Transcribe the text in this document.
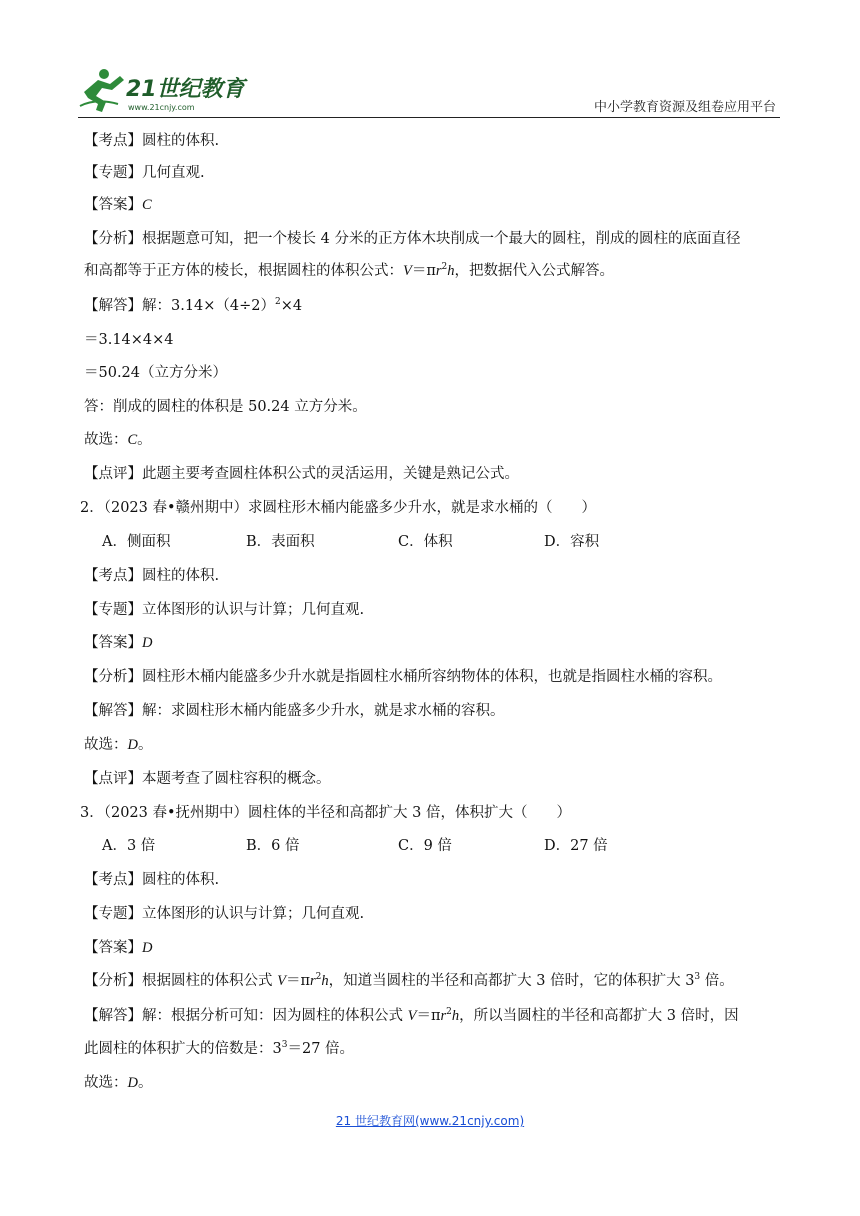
21世纪教育
www.21cnjy.com	中小学教育资源及组卷应用平台
【考点】圆柱的体积.
【专题】几何直观.
【答案】C
【分析】根据题意可知，把一个棱长 4 分米的正方体木块削成一个最大的圆柱，削成的圆柱的底面直径
和高都等于正方体的棱长，根据圆柱的体积公式：$V=\pi r^2h$，把数据代入公式解答。
【解答】解：$3.14\times(4\div 2)^2\times 4$
＝3.14×4×4
＝50.24（立方分米）
答：削成的圆柱的体积是 50.24 立方分米。
故选：C。
【点评】此题主要考查圆柱体积公式的灵活运用，关键是熟记公式。
2．（2023 春•赣州期中）求圆柱形木桶内能盛多少升水，就是求水桶的（　　）
A．侧面积	B．表面积	C．体积	D．容积
【考点】圆柱的体积.
【专题】立体图形的认识与计算；几何直观.
【答案】D
【分析】圆柱形木桶内能盛多少升水就是指圆柱水桶所容纳物体的体积，也就是指圆柱水桶的容积。
【解答】解：求圆柱形木桶内能盛多少升水，就是求水桶的容积。
故选：D。
【点评】本题考查了圆柱容积的概念。
3．（2023 春•抚州期中）圆柱体的半径和高都扩大 3 倍，体积扩大（　　）
A．3 倍	B．6 倍	C．9 倍	D．27 倍
【考点】圆柱的体积.
【专题】立体图形的认识与计算；几何直观.
【答案】D
【分析】根据圆柱的体积公式 $V=\pi r^2h$，知道当圆柱的半径和高都扩大 3 倍时，它的体积扩大 $3^3$ 倍。
【解答】解：根据分析可知：因为圆柱的体积公式 $V=\pi r^2h$，所以当圆柱的半径和高都扩大 3 倍时，因
此圆柱的体积扩大的倍数是：$3^3=27$ 倍。
故选：D。
21 世纪教育网(www.21cnjy.com)
